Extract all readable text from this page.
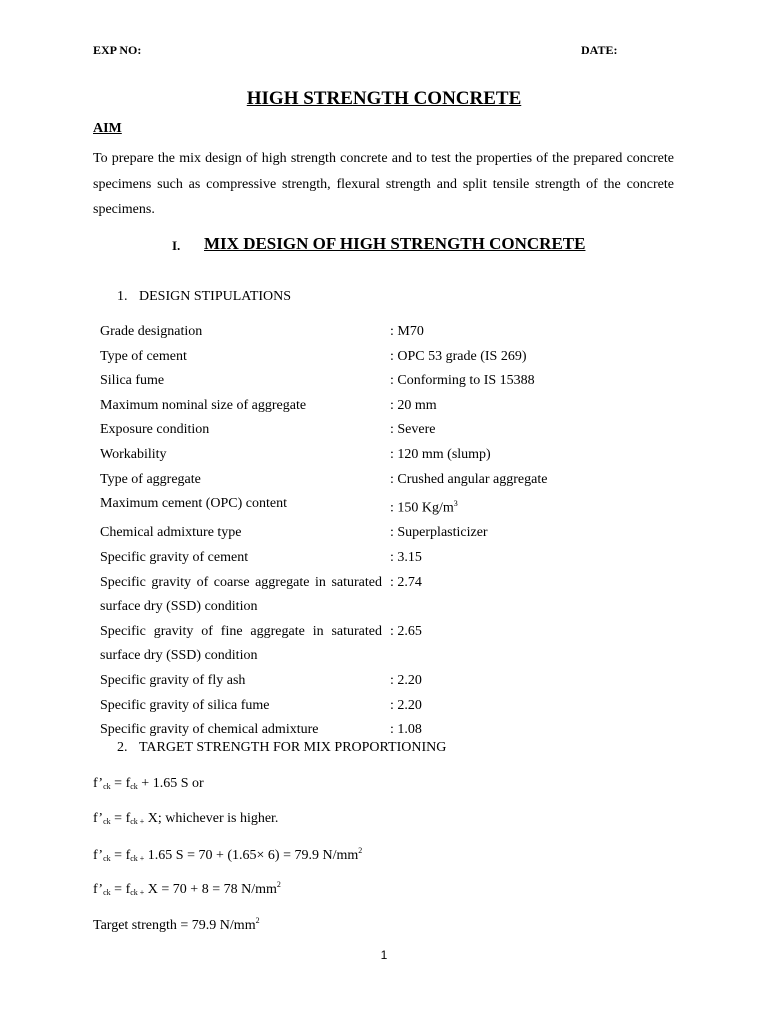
EXP NO:	DATE:
HIGH STRENGTH CONCRETE
AIM
To prepare the mix design of high strength concrete and to test the properties of the prepared concrete specimens such as compressive strength, flexural strength and split tensile strength of the concrete specimens.
I. MIX DESIGN OF HIGH STRENGTH CONCRETE
1. DESIGN STIPULATIONS
Grade designation	: M70
Type of cement	: OPC 53 grade (IS 269)
Silica fume	: Conforming to IS 15388
Maximum nominal size of aggregate	: 20 mm
Exposure condition	: Severe
Workability	: 120 mm (slump)
Type of aggregate	: Crushed angular aggregate
Maximum cement (OPC) content	: 150 $Kg/m^3$
Chemical admixture type	: Superplasticizer
Specific gravity of cement	: 3.15
Specific gravity of coarse aggregate in saturated surface dry (SSD) condition	: 2.74
Specific gravity of fine aggregate in saturated surface dry (SSD) condition	: 2.65
Specific gravity of fly ash	: 2.20
Specific gravity of silica fume	: 2.20
Specific gravity of chemical admixture	: 1.08
2. TARGET STRENGTH FOR MIX PROPORTIONING
$f’_{ck} = f_{ck} + 1.65$ S or
$f’_{ck} = f_{ck +}$ X; whichever is higher.
$f’_{ck} = f_{ck +}$ 1.65 S = 70 + (1.65× 6) = 79.9 $N/mm^2$
$f’_{ck} = f_{ck +}$ X = 70 + 8 = 78 $N/mm^2$
Target strength = 79.9 $N/mm^2$
1
